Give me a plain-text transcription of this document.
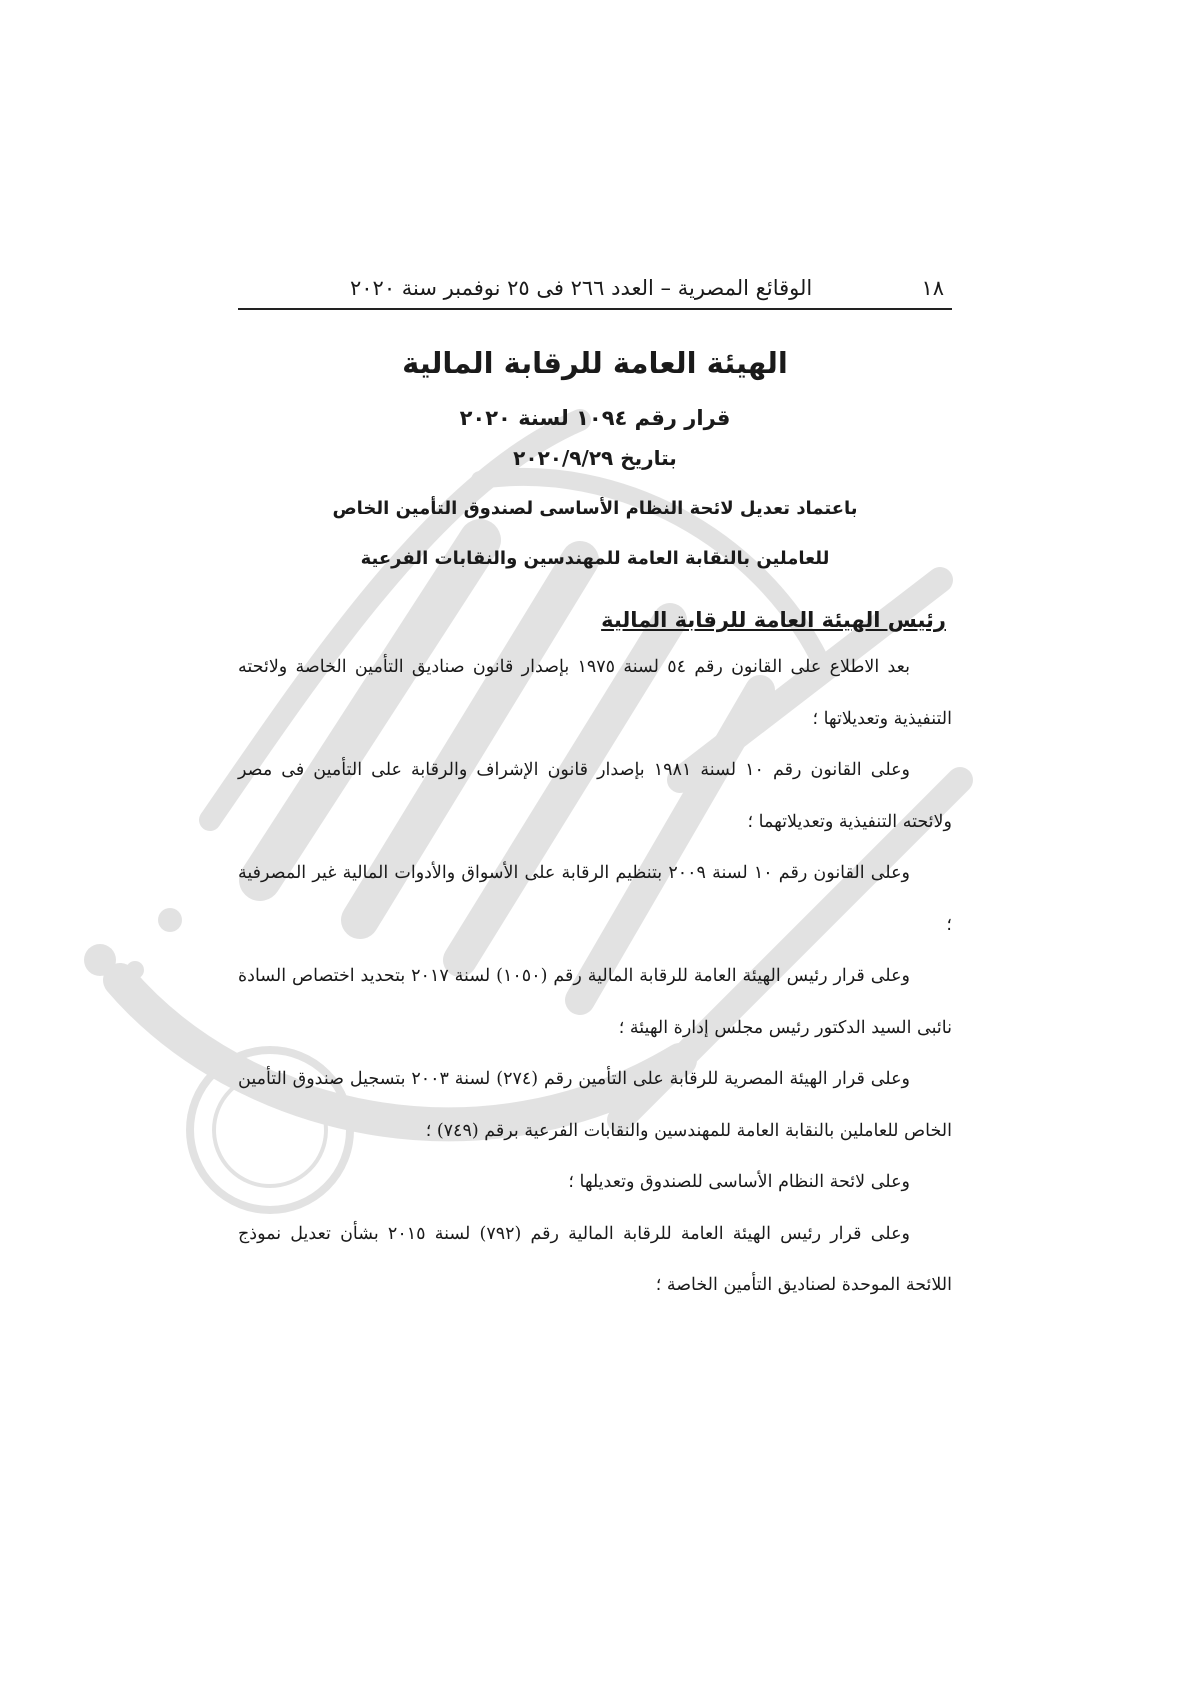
١٨
الوقائع المصرية – العدد ٢٦٦ فى ٢٥ نوفمبر سنة ٢٠٢٠
الهيئة العامة للرقابة المالية
قرار رقم ١٠٩٤ لسنة ٢٠٢٠
بتاريخ ٢٠٢٠/٩/٢٩
باعتماد تعديل لائحة النظام الأساسى لصندوق التأمين الخاص
للعاملين بالنقابة العامة للمهندسين والنقابات الفرعية
رئيس الهيئة العامة للرقابة المالية

بعد الاطلاع على القانون رقم ٥٤ لسنة ١٩٧٥ بإصدار قانون صناديق التأمين الخاصة ولائحته التنفيذية وتعديلاتها ؛

وعلى القانون رقم ١٠ لسنة ١٩٨١ بإصدار قانون الإشراف والرقابة على التأمين فى مصر ولائحته التنفيذية وتعديلاتهما ؛

وعلى القانون رقم ١٠ لسنة ٢٠٠٩ بتنظيم الرقابة على الأسواق والأدوات المالية غير المصرفية ؛

وعلى قرار رئيس الهيئة العامة للرقابة المالية رقم (١٠٥٠) لسنة ٢٠١٧ بتحديد اختصاص السادة نائبى السيد الدكتور رئيس مجلس إدارة الهيئة ؛

وعلى قرار الهيئة المصرية للرقابة على التأمين رقم (٢٧٤) لسنة ٢٠٠٣ بتسجيل صندوق التأمين الخاص للعاملين بالنقابة العامة للمهندسين والنقابات الفرعية برقم (٧٤٩) ؛

وعلى لائحة النظام الأساسى للصندوق وتعديلها ؛

وعلى قرار رئيس الهيئة العامة للرقابة المالية رقم (٧٩٢) لسنة ٢٠١٥ بشأن تعديل نموذج اللائحة الموحدة لصناديق التأمين الخاصة ؛
